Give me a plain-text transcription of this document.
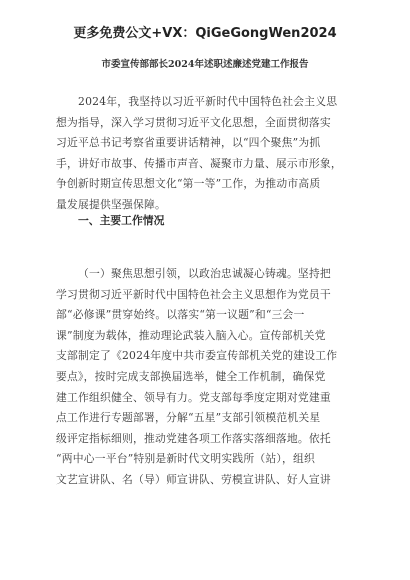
更多免费公文+VX：QiGeGongWen2024
市委宣传部部长2024年述职述廉述党建工作报告
2024年，我坚持以习近平新时代中国特色社会主义思
想为指导，深入学习贯彻习近平文化思想，全面贯彻落实
习近平总书记考察省重要讲话精神，以“四个聚焦”为抓
手，讲好市故事、传播市声音、凝聚市力量、展示市形象，
争创新时期宣传思想文化“第一等”工作，为推动市高质
量发展提供坚强保障。
一、主要工作情况
（一）聚焦思想引领，以政治忠诚凝心铸魂。坚持把
学习贯彻习近平新时代中国特色社会主义思想作为党员干
部“必修课”贯穿始终。以落实“第一议题”和“三会一
课”制度为载体，推动理论武装入脑入心。宣传部机关党
支部制定了《2024年度中共市委宣传部机关党的建设工作
要点》，按时完成支部换届选举，健全工作机制，确保党
建工作组织健全、领导有力。党支部每季度定期对党建重
点工作进行专题部署，分解“五星”支部引领模范机关星
级评定指标细则，推动党建各项工作落实落细落地。依托
“两中心一平台”特别是新时代文明实践所（站），组织
文艺宣讲队、名（导）师宣讲队、劳模宣讲队、好人宣讲
